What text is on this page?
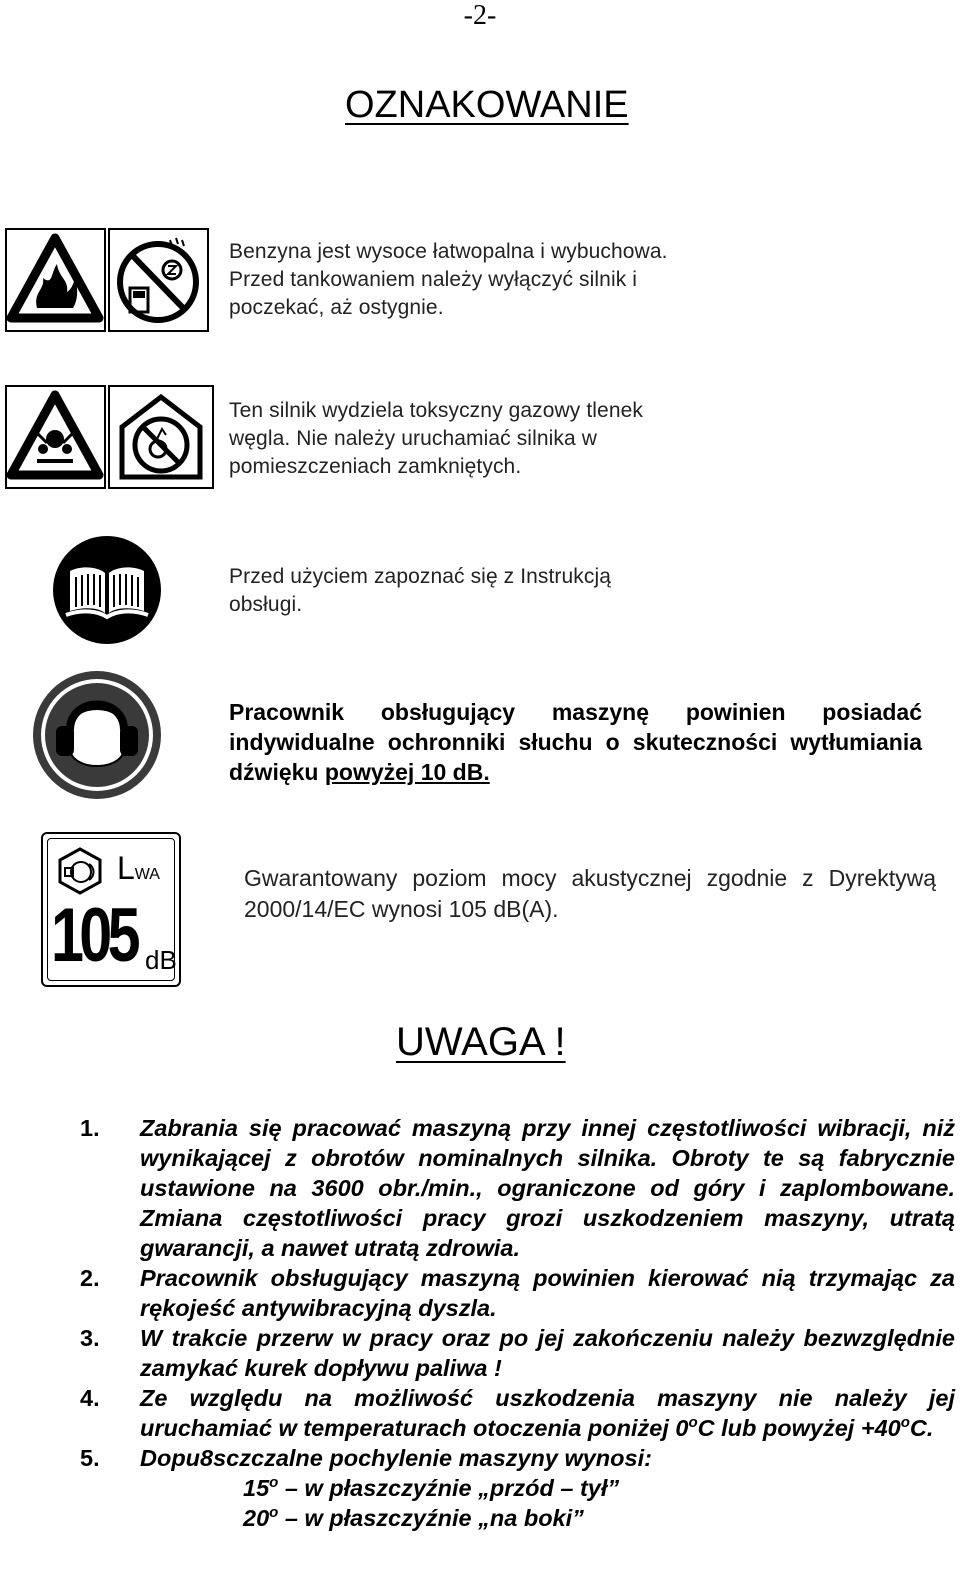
-2-
OZNAKOWANIE
Benzyna jest wysoce łatwopalna i wybuchowa.
Przed tankowaniem należy wyłączyć silnik i
poczekać, aż ostygnie.
Ten silnik wydziela toksyczny gazowy tlenek
węgla. Nie należy uruchamiać silnika w
pomieszczeniach zamkniętych.
Przed użyciem zapoznać się z Instrukcją
obsługi.
Pracownik obsługujący maszynę powinien posiadać indywidualne ochronniki słuchu o skuteczności wytłumiania dźwięku powyżej 10 dB.
LWA
105 dB
Gwarantowany poziom mocy akustycznej zgodnie z Dyrektywą 2000/14/EC wynosi 105 dB(A).
UWAGA !
1.	Zabrania się pracować maszyną przy innej częstotliwości wibracji, niż wynikającej z obrotów nominalnych silnika. Obroty te są fabrycznie ustawione na 3600 obr./min., ograniczone od góry i zaplombowane. Zmiana częstotliwości pracy grozi uszkodzeniem maszyny, utratą gwarancji, a nawet utratą zdrowia.
2.	Pracownik obsługujący maszyną powinien kierować nią trzymając za rękojeść antywibracyjną dyszla.
3.	W trakcie przerw w pracy oraz po jej zakończeniu należy bezwzględnie zamykać kurek dopływu paliwa !
4.	Ze względu na możliwość uszkodzenia maszyny nie należy jej uruchamiać w temperaturach otoczenia poniżej 0$^o$C lub powyżej $+40^oC$.
5.	Dopu8sczczalne pochylenie maszyny wynosi:
15$^o$ – w płaszczyźnie „przód – tył”
20$^o$ – w płaszczyźnie „na boki”
